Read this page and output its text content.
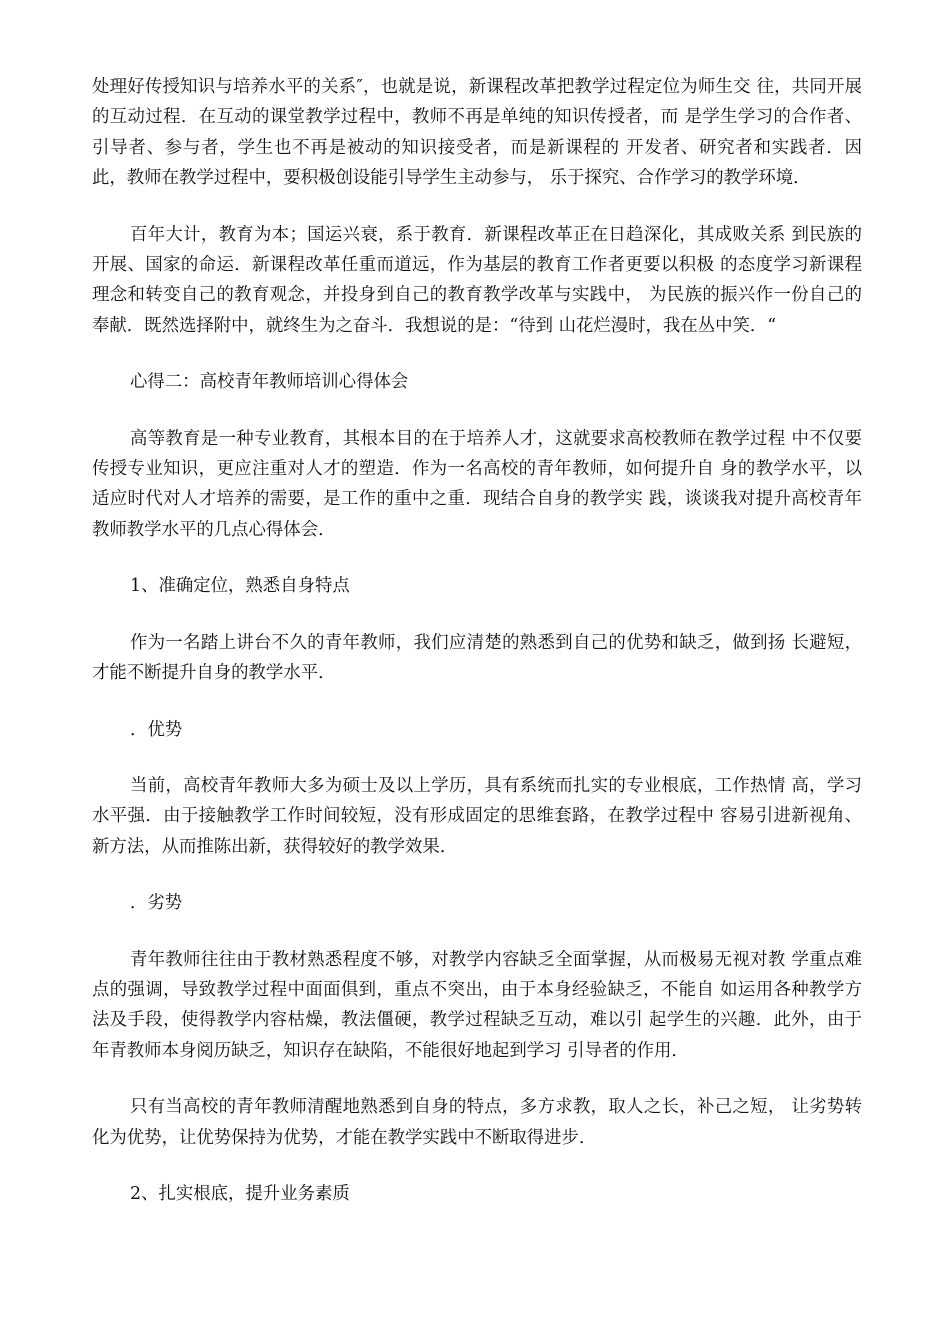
处理好传授知识与培养水平的关系″，也就是说，新课程改革把教学过程定位为师生交 往，共同开展的互动过程．在互动的课堂教学过程中，教师不再是单纯的知识传授者，而 是学生学习的合作者、引导者、参与者，学生也不再是被动的知识接受者，而是新课程的 开发者、研究者和实践者．因此，教师在教学过程中，要积极创设能引导学生主动参与， 乐于探究、合作学习的教学环境．

百年大计，教育为本；国运兴衰，系于教育．新课程改革正在日趋深化，其成败关系 到民族的开展、国家的命运．新课程改革任重而道远，作为基层的教育工作者更要以积极 的态度学习新课程理念和转变自己的教育观念，并投身到自己的教育教学改革与实践中， 为民族的振兴作一份自己的奉献．既然选择附中，就终生为之奋斗．我想说的是：“待到 山花烂漫时，我在丛中笑．“

心得二：高校青年教师培训心得体会

高等教育是一种专业教育，其根本目的在于培养人才，这就要求高校教师在教学过程 中不仅要传授专业知识，更应注重对人才的塑造．作为一名高校的青年教师，如何提升自 身的教学水平，以适应时代对人才培养的需要，是工作的重中之重．现结合自身的教学实 践，谈谈我对提升高校青年教师教学水平的几点心得体会．

1、准确定位，熟悉自身特点

作为一名踏上讲台不久的青年教师，我们应清楚的熟悉到自己的优势和缺乏，做到扬 长避短，才能不断提升自身的教学水平．

．优势

当前，高校青年教师大多为硕士及以上学历，具有系统而扎实的专业根底，工作热情 高，学习水平强．由于接触教学工作时间较短，没有形成固定的思维套路，在教学过程中 容易引进新视角、新方法，从而推陈出新，获得较好的教学效果．

．劣势

青年教师往往由于教材熟悉程度不够，对教学内容缺乏全面掌握，从而极易无视对教 学重点难点的强调，导致教学过程中面面俱到，重点不突出，由于本身经验缺乏，不能自 如运用各种教学方法及手段，使得教学内容枯燥，教法僵硬，教学过程缺乏互动，难以引 起学生的兴趣．此外，由于年青教师本身阅历缺乏，知识存在缺陷，不能很好地起到学习 引导者的作用．

只有当高校的青年教师清醒地熟悉到自身的特点，多方求教，取人之长，补己之短， 让劣势转化为优势，让优势保持为优势，才能在教学实践中不断取得进步．

2、扎实根底，提升业务素质
